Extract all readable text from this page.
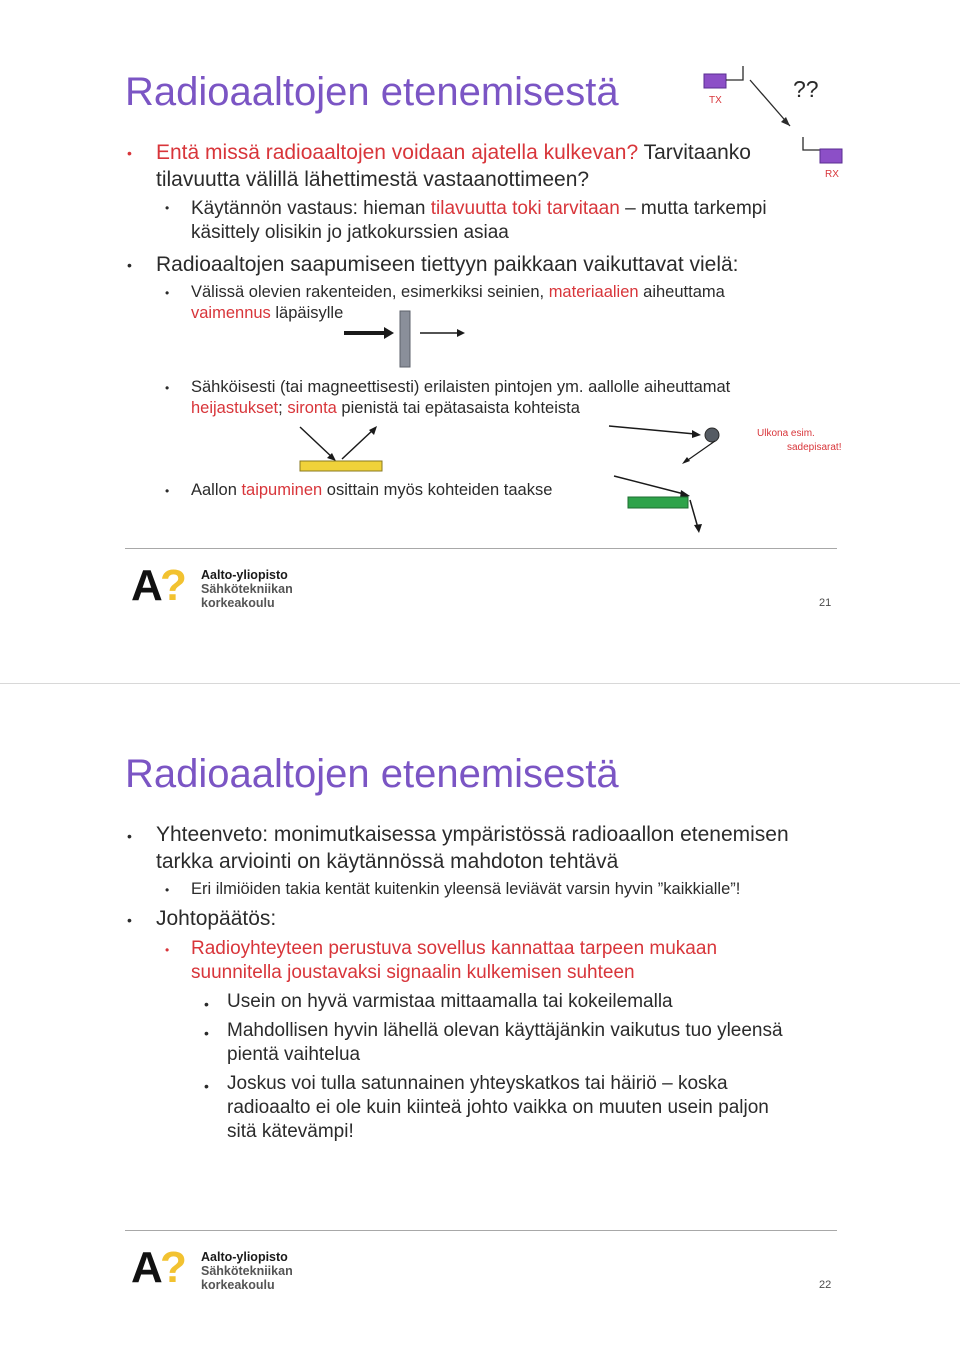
Radioaaltojen etenemisestä	TX
RX
??
• Entä missä radioaaltojen voidaan ajatella kulkevan? Tarvitaanko
tilavuutta välillä lähettimestä vastaanottimeen?
• Käytännön vastaus: hieman tilavuutta toki tarvitaan – mutta tarkempi
käsittely olisikin jo jatkokurssien asiaa
• Radioaaltojen saapumiseen tiettyyn paikkaan vaikuttavat vielä:
• Välissä olevien rakenteiden, esimerkiksi seinien, materiaalien aiheuttama
vaimennus läpäisylle
• Sähköisesti (tai magneettisesti) erilaisten pintojen ym. aallolle aiheuttamat
heijastukset; sironta pienistä tai epätasaista kohteista
Ulkona esim.
sadepisarat!
• Aallon taipuminen osittain myös kohteiden taakse
A
? Aalto-yliopisto
Sähkötekniikan
korkeakoulu	21
Radioaaltojen etenemisestä
• Yhteenveto: monimutkaisessa ympäristössä radioaallon etenemisen
tarkka arviointi on käytännössä mahdoton tehtävä
• Eri ilmiöiden takia kentät kuitenkin yleensä leviävät varsin hyvin ”kaikkialle”!
• Johtopäätös:
• Radioyhteyteen perustuva sovellus kannattaa tarpeen mukaan
suunnitella joustavaksi signaalin kulkemisen suhteen
• Usein on hyvä varmistaa mittaamalla tai kokeilemalla
• Mahdollisen hyvin lähellä olevan käyttäjänkin vaikutus tuo yleensä
pientä vaihtelua
• Joskus voi tulla satunnainen yhteyskatkos tai häiriö – koska
radioaalto ei ole kuin kiinteä johto vaikka on muuten usein paljon
sitä kätevämpi!
A
? Aalto-yliopisto
Sähkötekniikan
korkeakoulu	22
